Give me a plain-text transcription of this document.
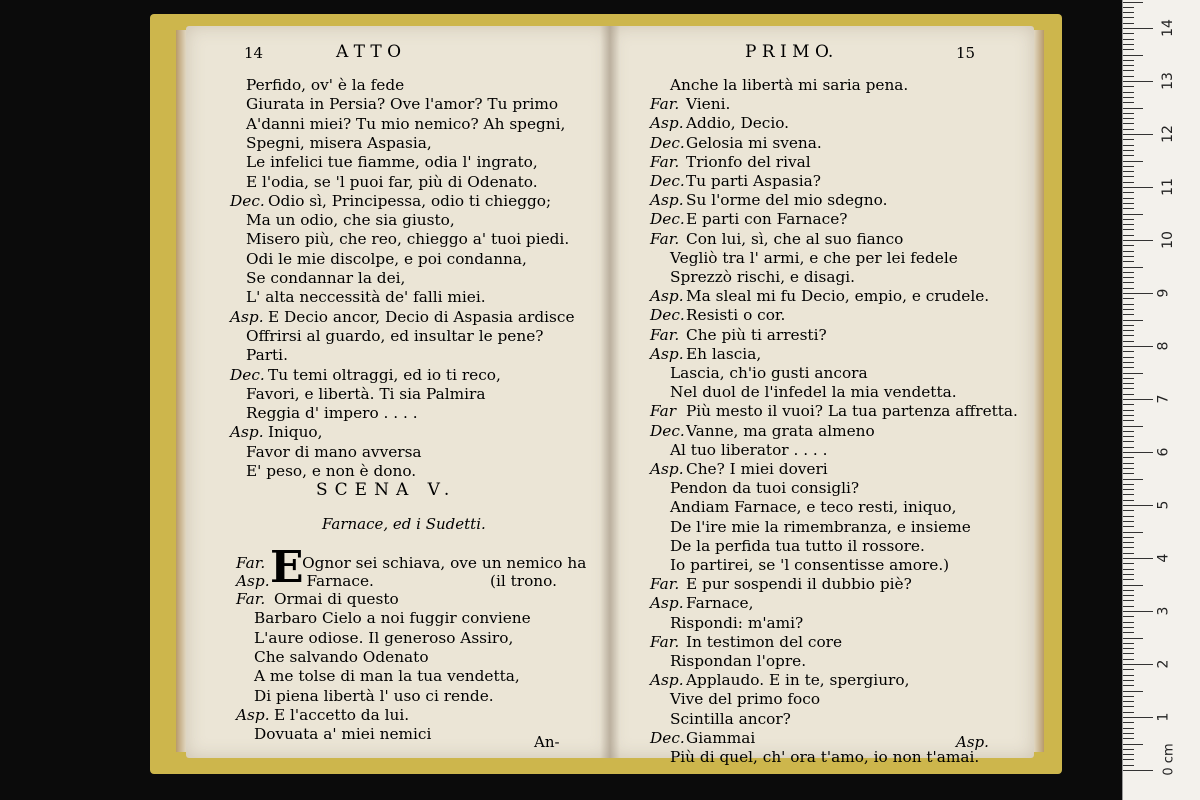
14	A T T O	P R I M O.	15
Perfido, ov' è la fede
Giurata in Persia? Ove l'amor? Tu primo
A'danni miei? Tu mio nemico? Ah spegni,
Spegni, misera Aspasia,
Le infelici tue fiamme, odia l' ingrato,
E l'odia, se 'l puoi far, più di Odenato.
Dec. Odio sì, Principessa, odio ti chieggo;
Ma un odio, che sia giusto,
Misero più, che reo, chieggo a' tuoi piedi.
Odi le mie discolpe, e poi condanna,
Se condannar la dei,
L' alta neccessità de' falli miei.
Asp. E Decio ancor, Decio di Aspasia ardisce
Offrirsi al guardo, ed insultar le pene?
Parti.
Dec. Tu temi oltraggi, ed io ti reco,
Favori, e libertà. Ti sia Palmira
Reggia d' impero . . . .
Asp. Iniquo,
Favor di mano avversa
E' peso, e non è dono.
SCENA V.
Farnace, ed i Sudetti.
E
Far. Ognor sei schiava, ove un nemico ha
Asp. Farnace.	(il trono.
Far. Ormai di questo
Barbaro Cielo a noi fuggir conviene
L'aure odiose. Il generoso Assiro,
Che salvando Odenato
A me tolse di man la tua vendetta,
Di piena libertà l' uso ci rende.
Asp. E l'accetto da lui.
Dovuata a' miei nemici	An-
Anche la libertà mi saria pena.
Far. Vieni.
Asp. Addio, Decio.
Dec.Gelosia mi svena.
Far. Trionfo del rival
Dec.Tu parti Aspasia?
Asp. Su l'orme del mio sdegno.
Dec.E parti con Farnace?
Far. Con lui, sì, che al suo fianco
Vegliò tra l' armi, e che per lei fedele
Sprezzò rischi, e disagi.
Asp. Ma sleal mi fu Decio, empio, e crudele.
Dec.Resisti o cor.
Far. Che più ti arresti?
Asp. Eh lascia,
Lascia, ch'io gusti ancora
Nel duol de l'infedel la mia vendetta.
Far Più mesto il vuoi? La tua partenza affretta.
Dec.Vanne, ma grata almeno
Al tuo liberator . . . .
Asp. Che? I miei doveri
Pendon da tuoi consigli?
Andiam Farnace, e teco resti, iniquo,
De l'ire mie la rimembranza, e insieme
De la perfida tua tutto il rossore.
Io partirei, se 'l consentisse amore.)
Far. E pur sospendi il dubbio piè?
Asp. Farnace,
Rispondi: m'ami?
Far. In testimon del core
Rispondan l'opre.
Asp. Applaudo. E in te, spergiuro,
Vive del primo foco
Scintilla ancor?
Dec.Giammai
Più di quel, ch' ora t'amo, io non t'amai.
Asp.
14
13
12
11
10
9
8
7
6
5
4
3
2
1
0 cm
